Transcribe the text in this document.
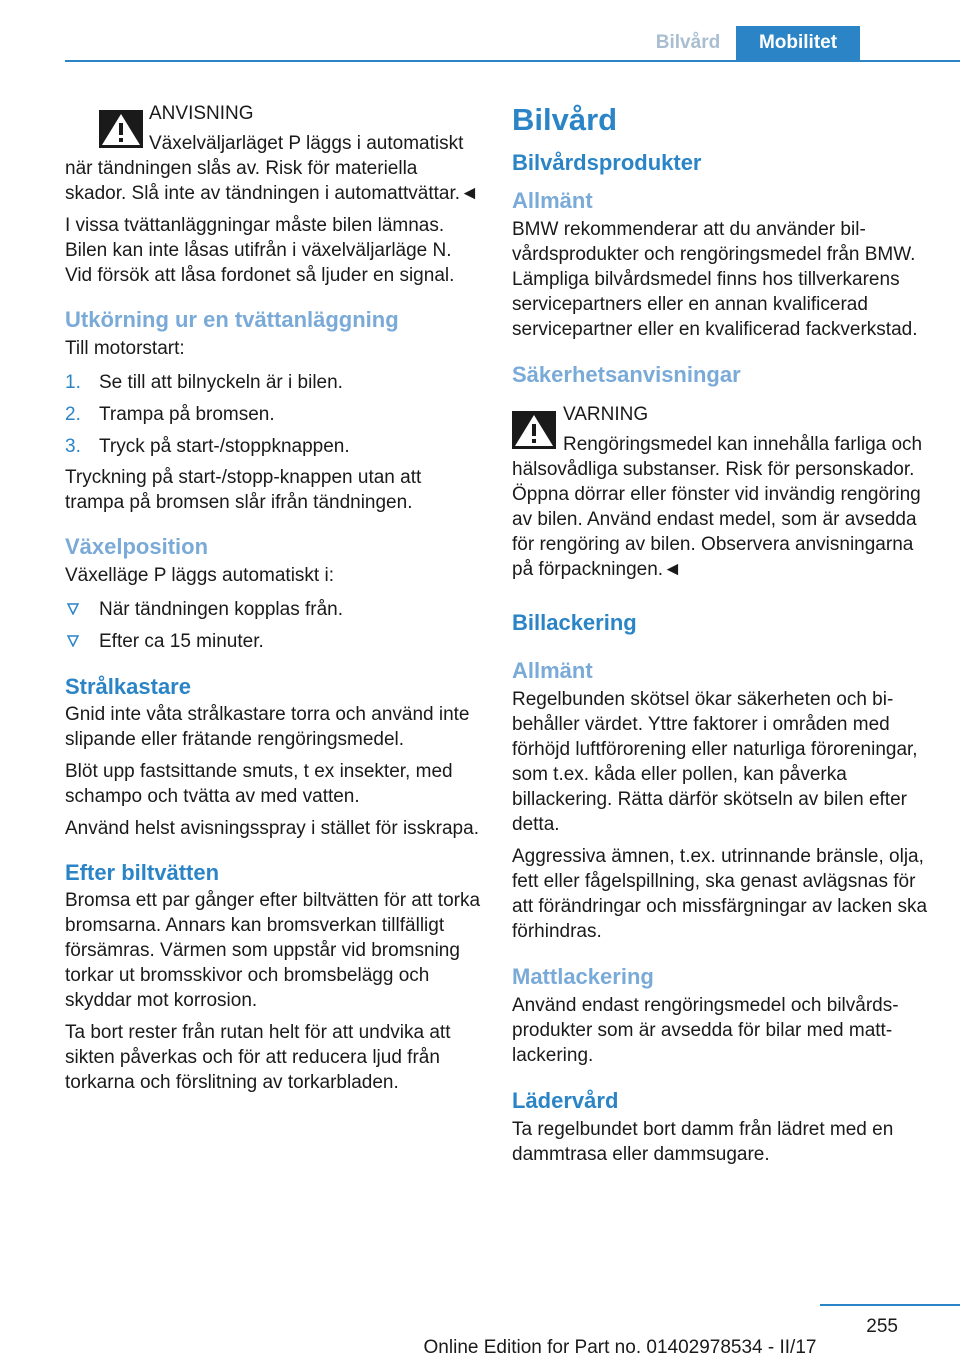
Bilvård	Mobilitet

ANVISNING

Växelväljarläget P läggs i automatiskt när tändningen slås av. Risk för materiella skador. Slå inte av tändningen i automattvättar.◄

I vissa tvättanläggningar måste bilen lämnas. Bilen kan inte låsas utifrån i växelväljarläge N. Vid försök att låsa fordonet så ljuder en signal.

Utkörning ur en tvättanläggning

Till motorstart:

1. Se till att bilnyckeln är i bilen.
2. Trampa på bromsen.
3. Tryck på start-/stoppknappen.

Tryckning på start-/stopp-knappen utan att trampa på bromsen slår ifrån tändningen.

Växelposition

Växelläge P läggs automatiskt i:

När tändningen kopplas från.
Efter ca 15 minuter.
Strålkastare

Gnid inte våta strålkastare torra och använd inte slipande eller frätande rengöringsmedel.

Blöt upp fastsittande smuts, t ex insekter, med schampo och tvätta av med vatten.

Använd helst avisningsspray i stället för isskrapa.

Efter biltvätten

Bromsa ett par gånger efter biltvätten för att torka bromsarna. Annars kan bromsverkan tillfälligt försämras. Värmen som uppstår vid bromsning torkar ut bromsskivor och bromsbelägg och skyddar mot korrosion.

Ta bort rester från rutan helt för att undvika att sikten påverkas och för att reducera ljud från torkarna och förslitning av torkarbladen.

Bilvård
Bilvårdsprodukter
Allmänt

BMW rekommenderar att du använder bilvårdsprodukter och rengöringsmedel från BMW. Lämpliga bilvårdsmedel finns hos tillverkarens servicepartners eller en annan kvalificerad servicepartner eller en kvalificerad fackverkstad.

Säkerhetsanvisningar

VARNING

Rengöringsmedel kan innehålla farliga och hälsovådliga substanser. Risk för personskador. Öppna dörrar eller fönster vid invändig rengöring av bilen. Använd endast medel, som är avsedda för rengöring av bilen. Observera anvisningarna på förpackningen.◄

Billackering
Allmänt

Regelbunden skötsel ökar säkerheten och bibehåller värdet. Yttre faktorer i områden med förhöjd luftförorening eller naturliga föroreningar, som t.ex. kåda eller pollen, kan påverka billackering. Rätta därför skötseln av bilen efter detta.

Aggressiva ämnen, t.ex. utrinnande bränsle, olja, fett eller fågelspillning, ska genast avlägsnas för att förändringar och missfärgningar av lacken ska förhindras.

Mattlackering

Använd endast rengöringsmedel och bilvårdsprodukter som är avsedda för bilar med mattlackering.

Lädervård

Ta regelbundet bort damm från lädret med en dammtrasa eller dammsugare.

255
Online Edition for Part no. 01402978534 - II/17
